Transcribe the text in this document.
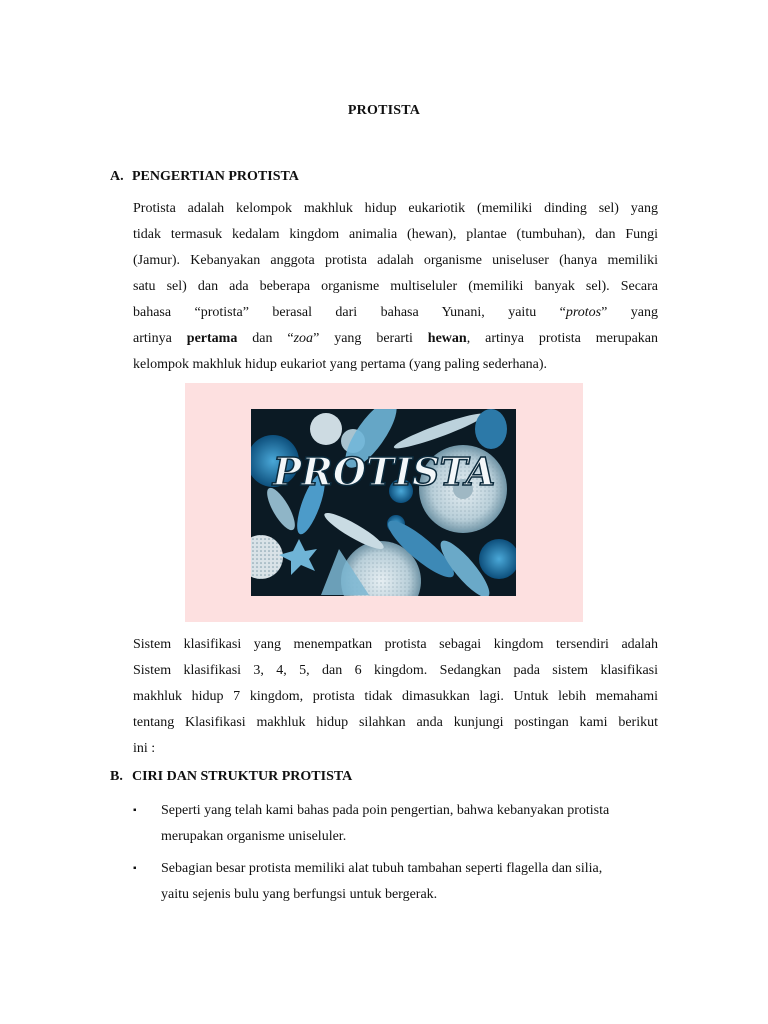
PROTISTA
A. PENGERTIAN PROTISTA
Protista adalah kelompok makhluk hidup eukariotik (memiliki dinding sel) yang
tidak termasuk kedalam kingdom animalia (hewan), plantae (tumbuhan), dan Fungi
(Jamur). Kebanyakan anggota protista adalah organisme uniseluser (hanya memiliki
satu sel) dan ada beberapa organisme multiseluler (memiliki banyak sel). Secara
bahasa “protista” berasal dari bahasa Yunani, yaitu “protos” yang
artinya pertama dan “zoa” yang berarti hewan, artinya protista merupakan
kelompok makhluk hidup eukariot yang pertama (yang paling sederhana).
PROTISTA
Sistem klasifikasi yang menempatkan protista sebagai kingdom tersendiri adalah
Sistem klasifikasi 3, 4, 5, dan 6 kingdom. Sedangkan pada sistem klasifikasi
makhluk hidup 7 kingdom, protista tidak dimasukkan lagi. Untuk lebih memahami
tentang Klasifikasi makhluk hidup silahkan anda kunjungi postingan kami berikut
ini :
B. CIRI DAN STRUKTUR PROTISTA
▪ Seperti yang telah kami bahas pada poin pengertian, bahwa kebanyakan protista
merupakan organisme uniseluler.
▪ Sebagian besar protista memiliki alat tubuh tambahan seperti flagella dan silia,
yaitu sejenis bulu yang berfungsi untuk bergerak.
